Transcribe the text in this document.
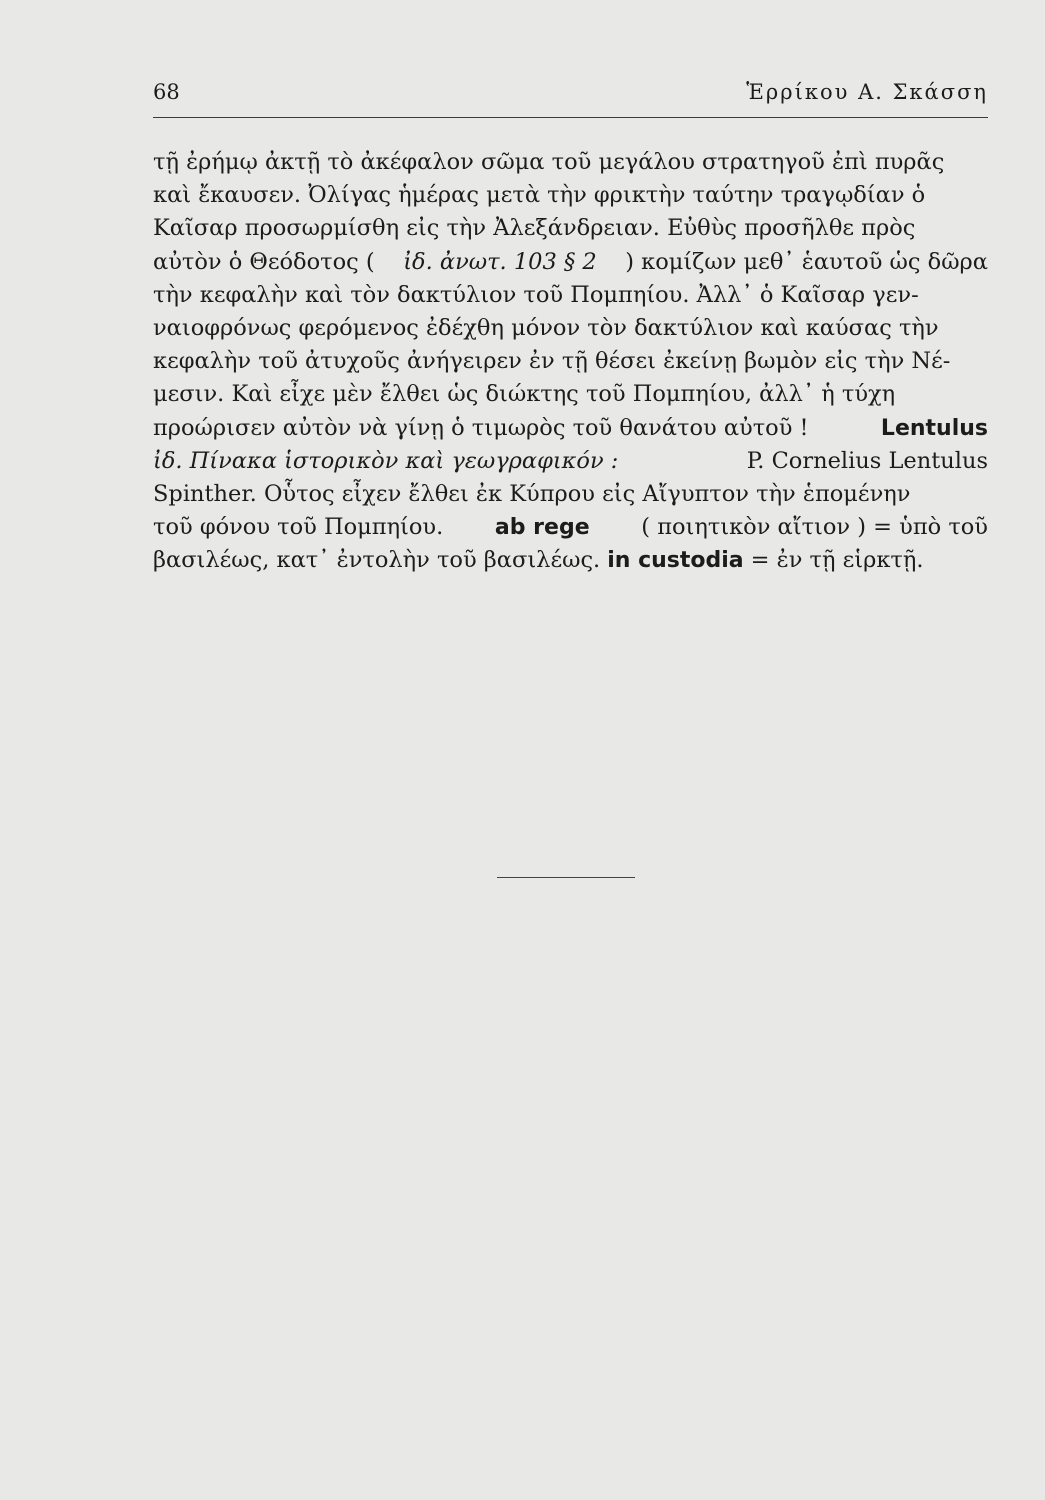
68	Ἑρρίκου Α. Σκάσση
τῇ ἐρήμῳ ἀκτῇ τὸ ἀκέφαλον σῶμα τοῦ μεγάλου στρατηγοῦ ἐπὶ πυρᾶς
καὶ ἔκαυσεν. Ὀλίγας ἡμέρας μετὰ τὴν φρικτὴν ταύτην τραγῳδίαν ὁ
Καῖσαρ προσωρμίσθη εἰς τὴν Ἀλεξάνδρειαν. Εὐθὺς προσῆλθε πρὸς
αὐτὸν ὁ Θεόδοτος ( ἰδ. ἀνωτ. 103 § 2 ) κομίζων μεθ᾽ ἑαυτοῦ ὡς δῶρα
τὴν κεφαλὴν καὶ τὸν δακτύλιον τοῦ Πομπηίου. Ἀλλ᾽ ὁ Καῖσαρ γεν-
ναιοφρόνως φερόμενος ἐδέχθη μόνον τὸν δακτύλιον καὶ καύσας τὴν
κεφαλὴν τοῦ ἀτυχοῦς ἀνήγειρεν ἐν τῇ θέσει ἐκείνῃ βωμὸν εἰς τὴν Νέ-
μεσιν. Καὶ εἶχε μὲν ἔλθει ὡς διώκτης τοῦ Πομπηίου, ἀλλ᾽ ἡ τύχη
προώρισεν αὐτὸν νὰ γίνῃ ὁ τιμωρὸς τοῦ θανάτου αὐτοῦ !	Lentulus
ἰδ. Πίνακα ἱστορικὸν καὶ γεωγραφικόν :	P. Cornelius Lentulus
Spinther. Οὗτος εἶχεν ἔλθει ἐκ Κύπρου εἰς Αἴγυπτον τὴν ἑπομένην
τοῦ φόνου τοῦ Πομπηίου. ab rege ( ποιητικὸν αἴτιον ) = ὑπὸ τοῦ
βασιλέως, κατ᾽ ἐντολὴν τοῦ βασιλέως. in custodia = ἐν τῇ εἱρκτῇ.
